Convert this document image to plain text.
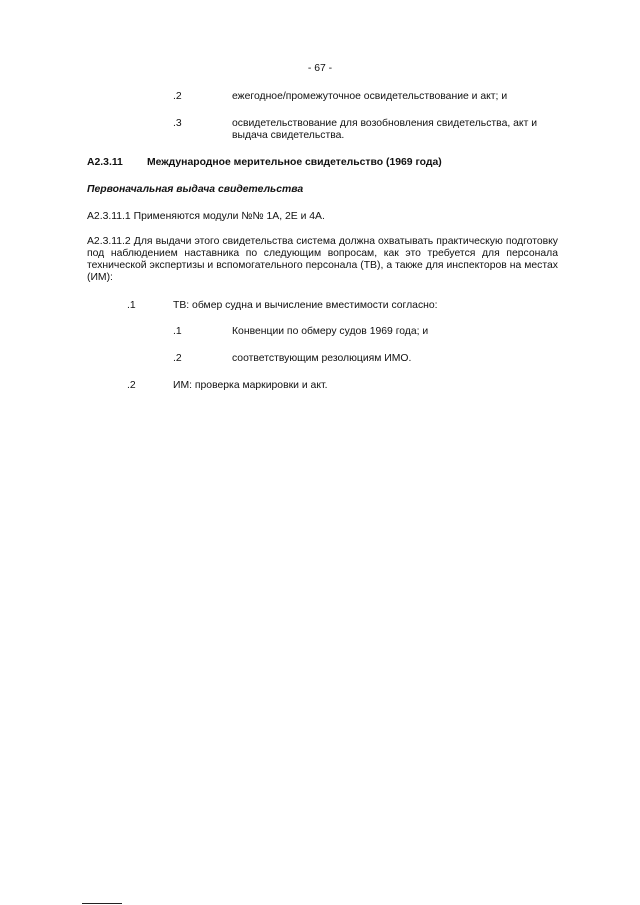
- 67 -
.2	ежегодное/промежуточное освидетельствование и акт; и
.3	освидетельствование для возобновления свидетельства, акт и выдача свидетельства.
A2.3.11 Международное мерительное свидетельство (1969 года)
Первоначальная выдача свидетельства
A2.3.11.1 Применяются модули №№ 1A, 2E и 4A.
A2.3.11.2 Для выдачи этого свидетельства система должна охватывать практическую подготовку под наблюдением наставника по следующим вопросам, как это требуется для персонала технической экспертизы и вспомогательного персонала (ТВ), а также для инспекторов на местах (ИМ):
.1	ТВ: обмер судна и вычисление вместимости согласно:
.1	Конвенции по обмеру судов 1969 года; и
.2	соответствующим резолюциям ИМО.
.2	ИМ: проверка маркировки и акт.
